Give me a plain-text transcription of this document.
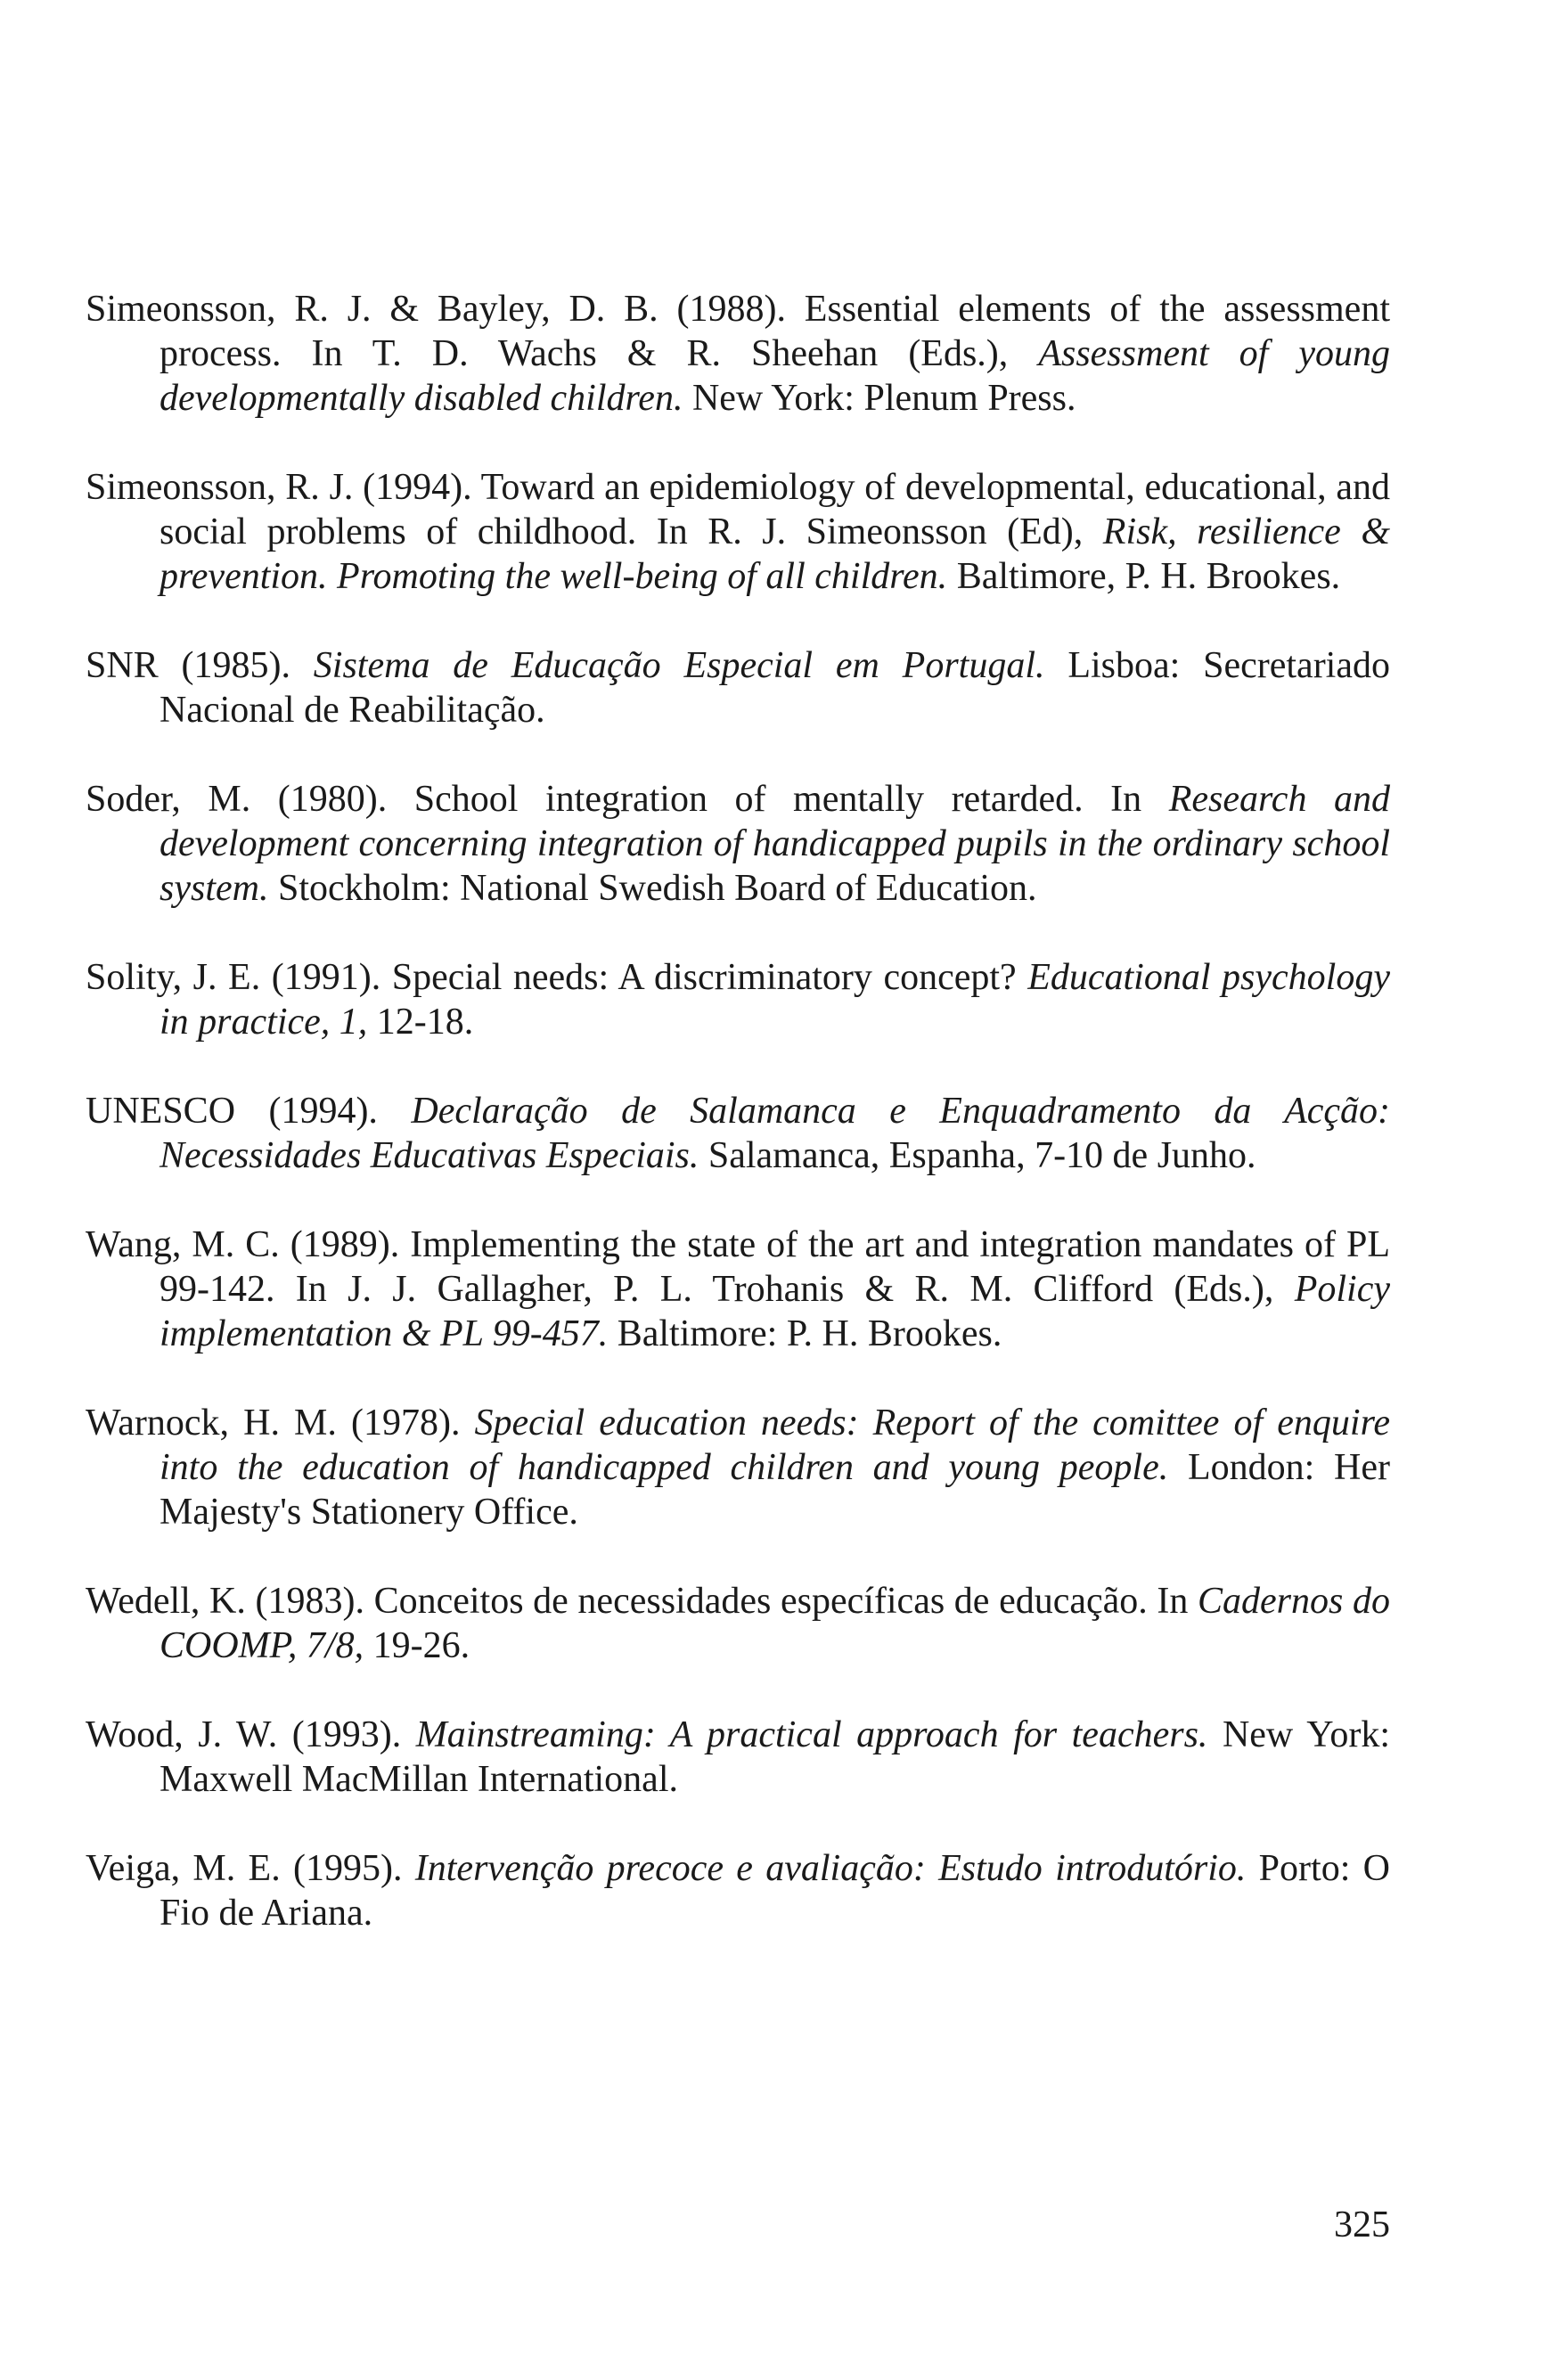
Simeonsson, R. J. & Bayley, D. B. (1988). Essential elements of the assessment process. In T. D. Wachs & R. Sheehan (Eds.), Assessment of young developmentally disabled children. New York: Plenum Press.
Simeonsson, R. J. (1994). Toward an epidemiology of developmental, educational, and social problems of childhood. In R. J. Simeonsson (Ed), Risk, resilience & prevention. Promoting the well-being of all children. Baltimore, P. H. Brookes.
SNR (1985). Sistema de Educação Especial em Portugal. Lisboa: Secretariado Nacional de Reabilitação.
Soder, M. (1980). School integration of mentally retarded. In Research and development concerning integration of handicapped pupils in the ordinary school system. Stockholm: National Swedish Board of Education.
Solity, J. E. (1991). Special needs: A discriminatory concept? Educational psychology in practice, 1, 12-18.
UNESCO (1994). Declaração de Salamanca e Enquadramento da Acção: Necessidades Educativas Especiais. Salamanca, Espanha, 7-10 de Junho.
Wang, M. C. (1989). Implementing the state of the art and integration mandates of PL 99-142. In J. J. Gallagher, P. L. Trohanis & R. M. Clifford (Eds.), Policy implementation & PL 99-457. Baltimore: P. H. Brookes.
Warnock, H. M. (1978). Special education needs: Report of the comittee of enquire into the education of handicapped children and young people. London: Her Majesty's Stationery Office.
Wedell, K. (1983). Conceitos de necessidades específicas de educação. In Cadernos do COOMP, 7/8, 19-26.
Wood, J. W. (1993). Mainstreaming: A practical approach for teachers. New York: Maxwell MacMillan International.
Veiga, M. E. (1995). Intervenção precoce e avaliação: Estudo introdutório. Porto: O Fio de Ariana.
325
